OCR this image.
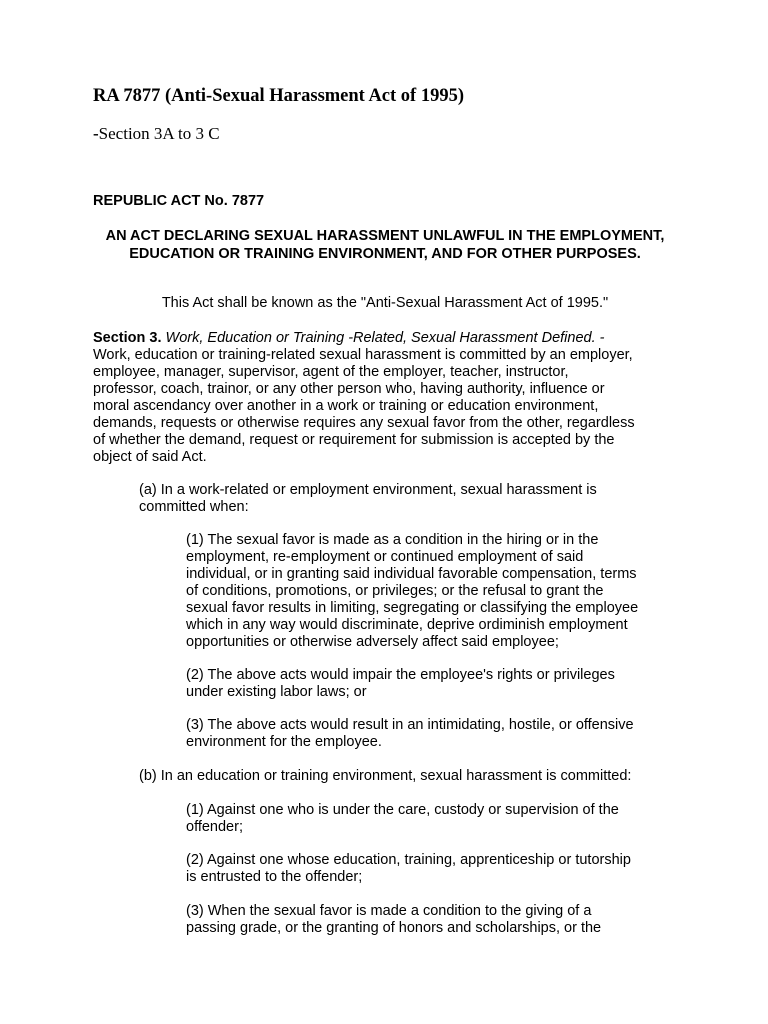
RA 7877 (Anti-Sexual Harassment Act of 1995)
-Section 3A to 3 C
REPUBLIC ACT No. 7877
AN ACT DECLARING SEXUAL HARASSMENT UNLAWFUL IN THE EMPLOYMENT, EDUCATION OR TRAINING ENVIRONMENT, AND FOR OTHER PURPOSES.
This Act shall be known as the "Anti-Sexual Harassment Act of 1995."
Section 3. Work, Education or Training -Related, Sexual Harassment Defined. -
Work, education or training-related sexual harassment is committed by an employer,
employee, manager, supervisor, agent of the employer, teacher, instructor,
professor, coach, trainor, or any other person who, having authority, influence or
moral ascendancy over another in a work or training or education environment,
demands, requests or otherwise requires any sexual favor from the other, regardless
of whether the demand, request or requirement for submission is accepted by the
object of said Act.
(a) In a work-related or employment environment, sexual harassment is
committed when:
(1) The sexual favor is made as a condition in the hiring or in the
employment, re-employment or continued employment of said
individual, or in granting said individual favorable compensation, terms
of conditions, promotions, or privileges; or the refusal to grant the
sexual favor results in limiting, segregating or classifying the employee
which in any way would discriminate, deprive ordiminish employment
opportunities or otherwise adversely affect said employee;
(2) The above acts would impair the employee's rights or privileges
under existing labor laws; or
(3) The above acts would result in an intimidating, hostile, or offensive
environment for the employee.
(b) In an education or training environment, sexual harassment is committed:
(1) Against one who is under the care, custody or supervision of the
offender;
(2) Against one whose education, training, apprenticeship or tutorship
is entrusted to the offender;
(3) When the sexual favor is made a condition to the giving of a
passing grade, or the granting of honors and scholarships, or the
